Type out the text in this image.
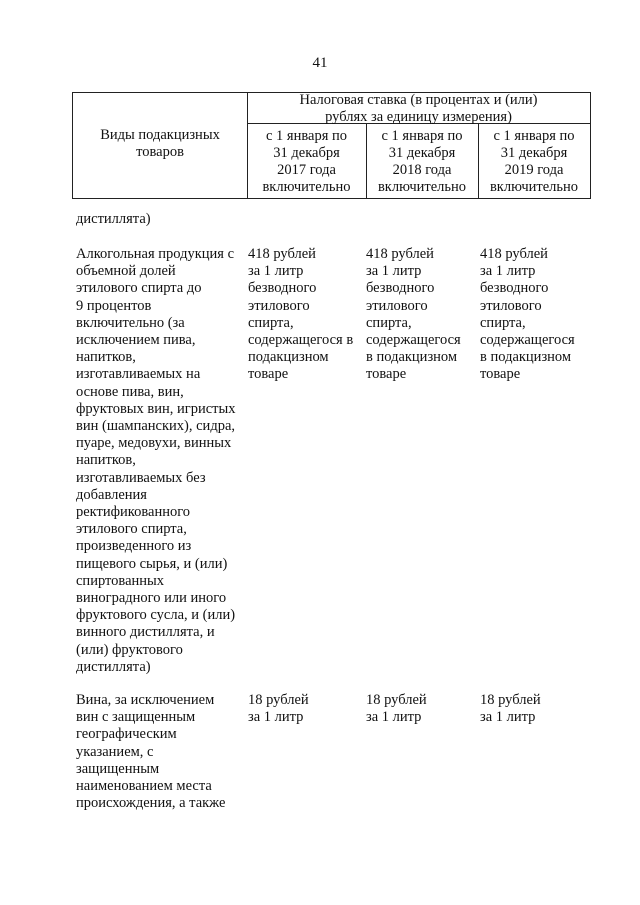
41
Виды подакцизных
товаров
Налоговая ставка (в процентах и (или)
рублях за единицу измерения)
с 1 января по
31 декабря
2017 года
включительно
с 1 января по
31 декабря
2018 года
включительно
с 1 января по
31 декабря
2019 года
включительно
дистиллята)
Алкогольная продукция с
объемной долей
этилового спирта до
9 процентов
включительно (за
исключением пива,
напитков,
изготавливаемых на
основе пива, вин,
фруктовых вин, игристых
вин (шампанских), сидра,
пуаре, медовухи, винных
напитков,
изготавливаемых без
добавления
ректификованного
этилового спирта,
произведенного из
пищевого сырья, и (или)
спиртованных
виноградного или иного
фруктового сусла, и (или)
винного дистиллята, и
(или) фруктового
дистиллята)
418 рублей
за 1 литр
безводного
этилового
спирта,
содержащегося в
подакцизном
товаре
418 рублей
за 1 литр
безводного
этилового
спирта,
содержащегося
в подакцизном
товаре
418 рублей
за 1 литр
безводного
этилового
спирта,
содержащегося
в подакцизном
товаре
Вина, за исключением
вин с защищенным
географическим
указанием, с
защищенным
наименованием места
происхождения, а также
18 рублей
за 1 литр
18 рублей
за 1 литр
18 рублей
за 1 литр
